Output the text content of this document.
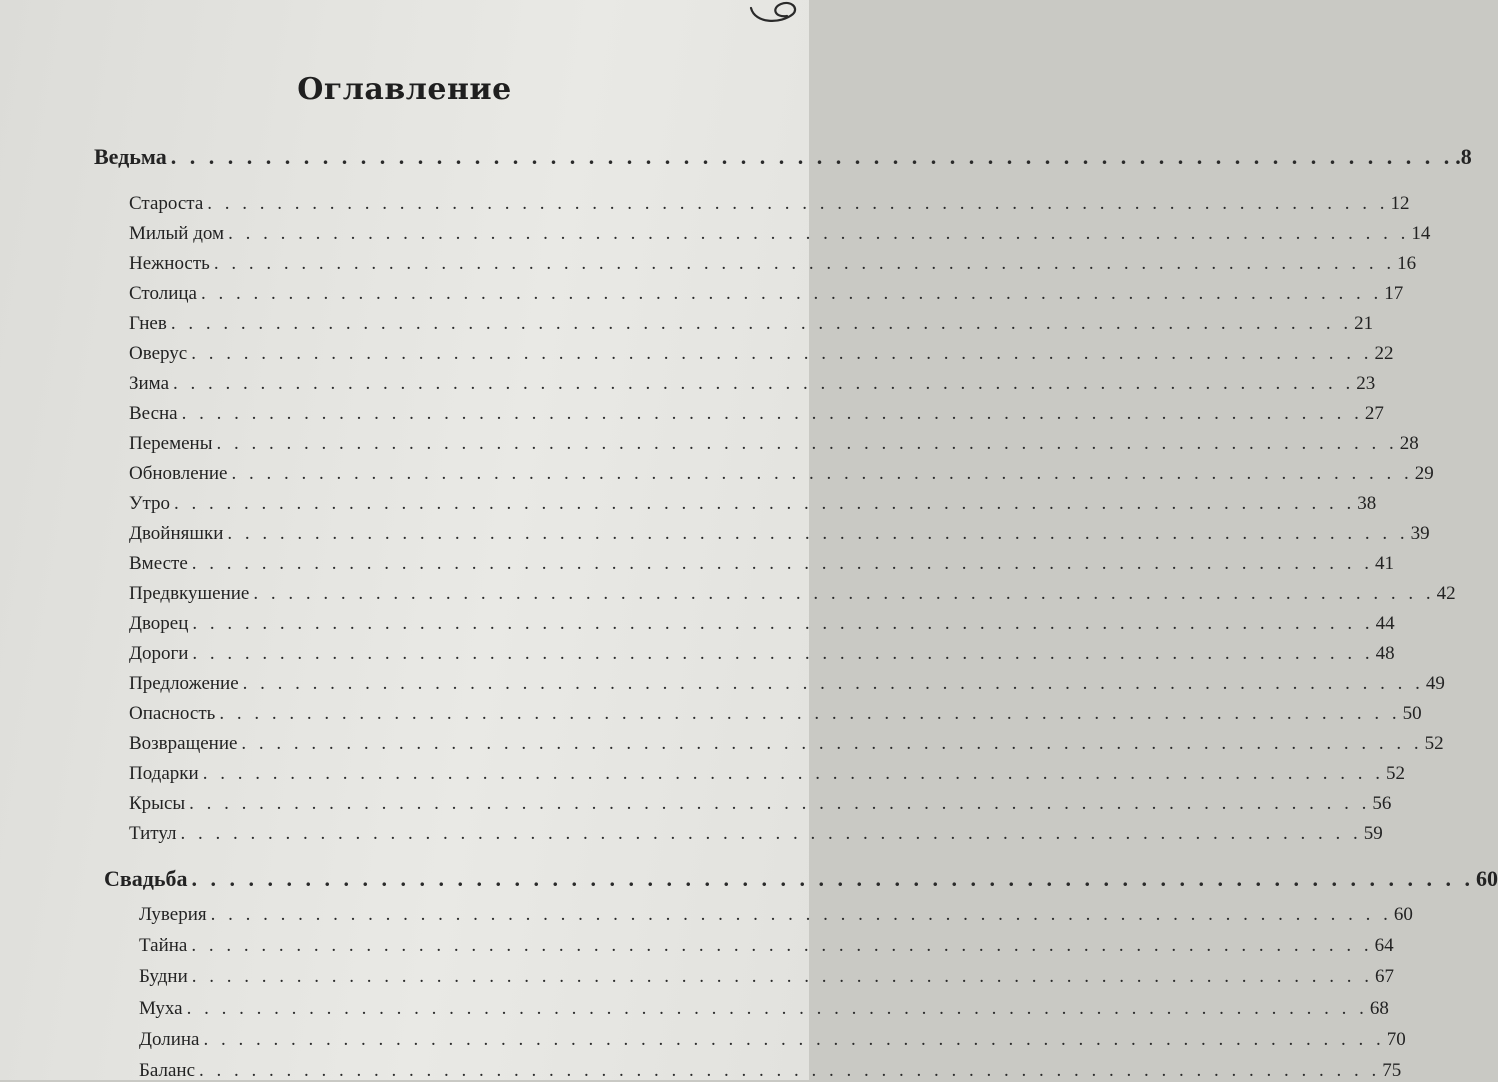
Оглавление
Ведьма . . . . . . . . . . . . . . . . . . . . . . . . . . . . . . . . . . . . . . . . . . . . . . . . . . . . . . . . . . . . . . . . . . . . .8
Староста . . . . . . . . . . . . . . . . . . . . . . . . . . . . . . . . . . . . . . . . . . . . . . . . . . . . . . . . . . . . . . . . . . . . 12
Милый дом . . . . . . . . . . . . . . . . . . . . . . . . . . . . . . . . . . . . . . . . . . . . . . . . . . . . . . . . . . . . . . . . . . . . 14
Нежность . . . . . . . . . . . . . . . . . . . . . . . . . . . . . . . . . . . . . . . . . . . . . . . . . . . . . . . . . . . . . . . . . . . . 16
Столица . . . . . . . . . . . . . . . . . . . . . . . . . . . . . . . . . . . . . . . . . . . . . . . . . . . . . . . . . . . . . . . . . . . . 17
Гнев . . . . . . . . . . . . . . . . . . . . . . . . . . . . . . . . . . . . . . . . . . . . . . . . . . . . . . . . . . . . . . . . . . . . 21
Оверус . . . . . . . . . . . . . . . . . . . . . . . . . . . . . . . . . . . . . . . . . . . . . . . . . . . . . . . . . . . . . . . . . . . . 22
Зима . . . . . . . . . . . . . . . . . . . . . . . . . . . . . . . . . . . . . . . . . . . . . . . . . . . . . . . . . . . . . . . . . . . . 23
Весна . . . . . . . . . . . . . . . . . . . . . . . . . . . . . . . . . . . . . . . . . . . . . . . . . . . . . . . . . . . . . . . . . . . . 27
Перемены . . . . . . . . . . . . . . . . . . . . . . . . . . . . . . . . . . . . . . . . . . . . . . . . . . . . . . . . . . . . . . . . . . . . 28
Обновление . . . . . . . . . . . . . . . . . . . . . . . . . . . . . . . . . . . . . . . . . . . . . . . . . . . . . . . . . . . . . . . . . . . . 29
Утро . . . . . . . . . . . . . . . . . . . . . . . . . . . . . . . . . . . . . . . . . . . . . . . . . . . . . . . . . . . . . . . . . . . . 38
Двойняшки . . . . . . . . . . . . . . . . . . . . . . . . . . . . . . . . . . . . . . . . . . . . . . . . . . . . . . . . . . . . . . . . . . . . 39
Вместе . . . . . . . . . . . . . . . . . . . . . . . . . . . . . . . . . . . . . . . . . . . . . . . . . . . . . . . . . . . . . . . . . . . . 41
Предвкушение . . . . . . . . . . . . . . . . . . . . . . . . . . . . . . . . . . . . . . . . . . . . . . . . . . . . . . . . . . . . . . . . . . . . 42
Дворец . . . . . . . . . . . . . . . . . . . . . . . . . . . . . . . . . . . . . . . . . . . . . . . . . . . . . . . . . . . . . . . . . . . . 44
Дороги . . . . . . . . . . . . . . . . . . . . . . . . . . . . . . . . . . . . . . . . . . . . . . . . . . . . . . . . . . . . . . . . . . . . 48
Предложение . . . . . . . . . . . . . . . . . . . . . . . . . . . . . . . . . . . . . . . . . . . . . . . . . . . . . . . . . . . . . . . . . . . . 49
Опасность . . . . . . . . . . . . . . . . . . . . . . . . . . . . . . . . . . . . . . . . . . . . . . . . . . . . . . . . . . . . . . . . . . . . 50
Возвращение . . . . . . . . . . . . . . . . . . . . . . . . . . . . . . . . . . . . . . . . . . . . . . . . . . . . . . . . . . . . . . . . . . . . 52
Подарки . . . . . . . . . . . . . . . . . . . . . . . . . . . . . . . . . . . . . . . . . . . . . . . . . . . . . . . . . . . . . . . . . . . . 52
Крысы . . . . . . . . . . . . . . . . . . . . . . . . . . . . . . . . . . . . . . . . . . . . . . . . . . . . . . . . . . . . . . . . . . . . 56
Титул . . . . . . . . . . . . . . . . . . . . . . . . . . . . . . . . . . . . . . . . . . . . . . . . . . . . . . . . . . . . . . . . . . . . 59
Свадьба . . . . . . . . . . . . . . . . . . . . . . . . . . . . . . . . . . . . . . . . . . . . . . . . . . . . . . . . . . . . . . . . . . . . 60
Луверия . . . . . . . . . . . . . . . . . . . . . . . . . . . . . . . . . . . . . . . . . . . . . . . . . . . . . . . . . . . . . . . . . . . . 60
Тайна . . . . . . . . . . . . . . . . . . . . . . . . . . . . . . . . . . . . . . . . . . . . . . . . . . . . . . . . . . . . . . . . . . . . 64
Будни . . . . . . . . . . . . . . . . . . . . . . . . . . . . . . . . . . . . . . . . . . . . . . . . . . . . . . . . . . . . . . . . . . . . 67
Муха . . . . . . . . . . . . . . . . . . . . . . . . . . . . . . . . . . . . . . . . . . . . . . . . . . . . . . . . . . . . . . . . . . . . 68
Долина . . . . . . . . . . . . . . . . . . . . . . . . . . . . . . . . . . . . . . . . . . . . . . . . . . . . . . . . . . . . . . . . . . . . 70
Баланс . . . . . . . . . . . . . . . . . . . . . . . . . . . . . . . . . . . . . . . . . . . . . . . . . . . . . . . . . . . . . . . . . . . . 75
